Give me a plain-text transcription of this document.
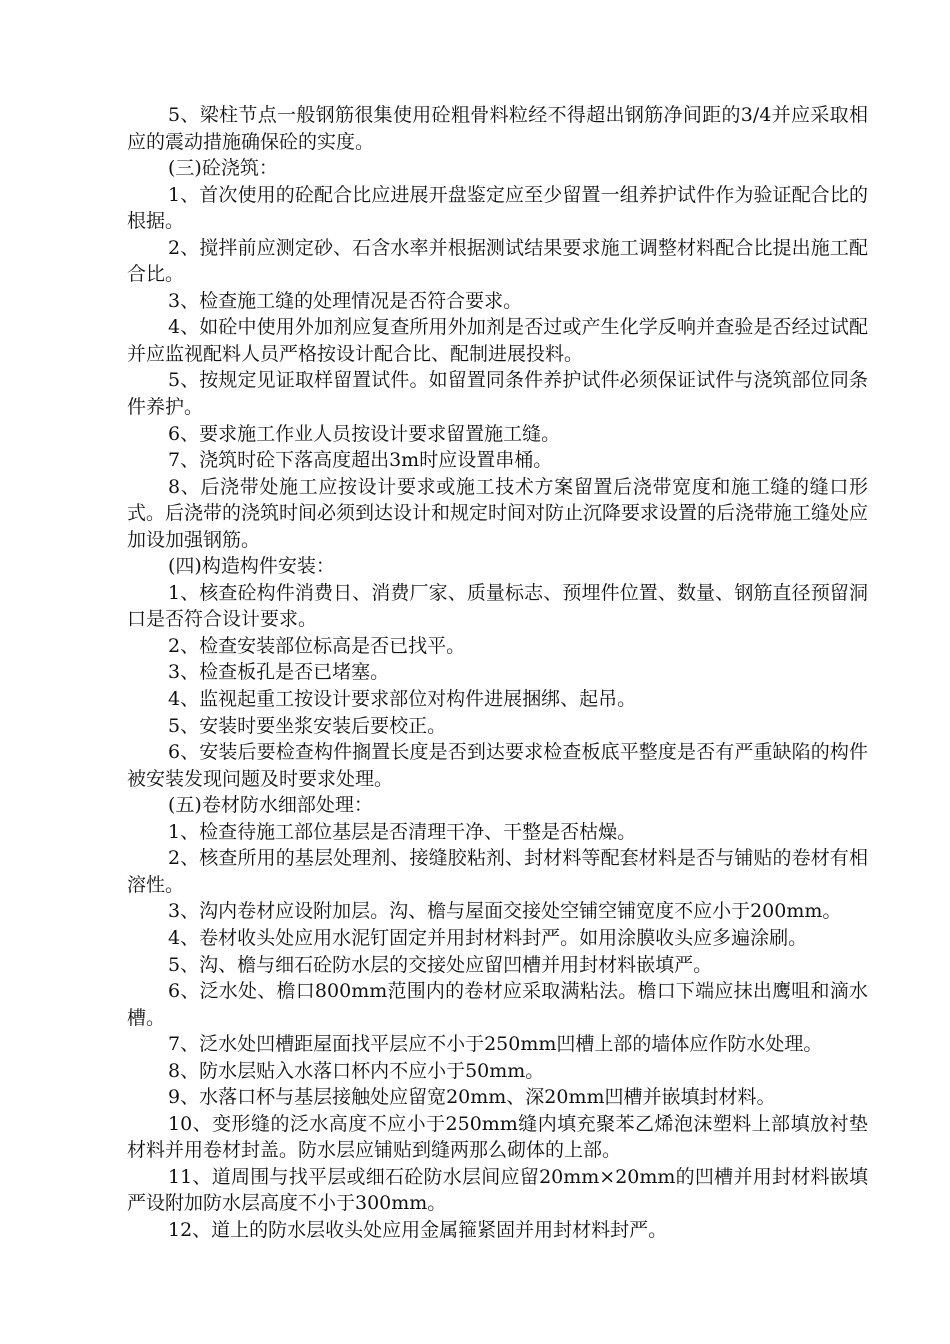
5、梁柱节点一般钢筋很集使用砼粗骨料粒经不得超出钢筋净间距的3/4并应采取相应的震动措施确保砼的实度。

(三)砼浇筑：

1、首次使用的砼配合比应进展开盘鉴定应至少留置一组养护试件作为验证配合比的根据。

2、搅拌前应测定砂、石含水率并根据测试结果要求施工调整材料配合比提出施工配合比。

3、检查施工缝的处理情况是否符合要求。

4、如砼中使用外加剂应复查所用外加剂是否过或产生化学反响并查验是否经过试配并应监视配料人员严格按设计配合比、配制进展投料。

5、按规定见证取样留置试件。如留置同条件养护试件必须保证试件与浇筑部位同条件养护。

6、要求施工作业人员按设计要求留置施工缝。

7、浇筑时砼下落高度超出3m时应设置串桶。

8、后浇带处施工应按设计要求或施工技术方案留置后浇带宽度和施工缝的缝口形式。后浇带的浇筑时间必须到达设计和规定时间对防止沉降要求设置的后浇带施工缝处应加设加强钢筋。

(四)构造构件安装：

1、核查砼构件消费日、消费厂家、质量标志、预埋件位置、数量、钢筋直径预留洞口是否符合设计要求。

2、检查安装部位标高是否已找平。

3、检查板孔是否已堵塞。

4、监视起重工按设计要求部位对构件进展捆绑、起吊。

5、安装时要坐浆安装后要校正。

6、安装后要检查构件搁置长度是否到达要求检查板底平整度是否有严重缺陷的构件被安装发现问题及时要求处理。

(五)卷材防水细部处理：

1、检查待施工部位基层是否清理干净、干整是否枯燥。

2、核查所用的基层处理剂、接缝胶粘剂、封材料等配套材料是否与铺贴的卷材有相溶性。

3、沟内卷材应设附加层。沟、檐与屋面交接处空铺空铺宽度不应小于200mm。

4、卷材收头处应用水泥钉固定并用封材料封严。如用涂膜收头应多遍涂刷。

5、沟、檐与细石砼防水层的交接处应留凹槽并用封材料嵌填严。

6、泛水处、檐口800mm范围内的卷材应采取满粘法。檐口下端应抹出鹰咀和滴水槽。

7、泛水处凹槽距屋面找平层应不小于250mm凹槽上部的墙体应作防水处理。

8、防水层贴入水落口杯内不应小于50mm。

9、水落口杯与基层接触处应留宽20mm、深20mm凹槽并嵌填封材料。

10、变形缝的泛水高度不应小于250mm缝内填充聚苯乙烯泡沫塑料上部填放衬垫材料并用卷材封盖。防水层应铺贴到缝两那么砌体的上部。

11、道周围与找平层或细石砼防水层间应留20mm×20mm的凹槽并用封材料嵌填严设附加防水层高度不小于300mm。

12、道上的防水层收头处应用金属箍紧固并用封材料封严。
